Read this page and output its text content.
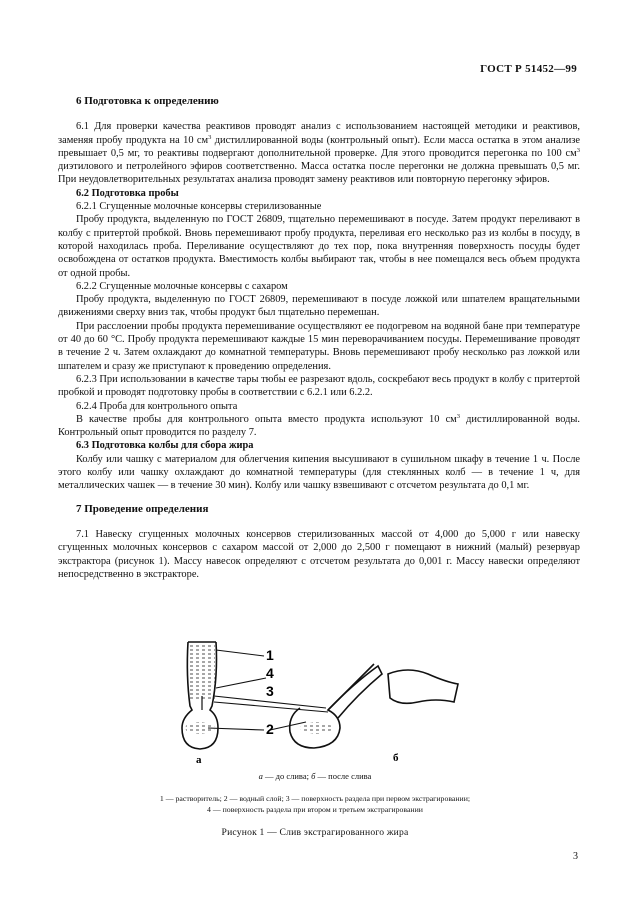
ГОСТ Р 51452—99
6 Подготовка к определению

6.1 Для проверки качества реактивов проводят анализ с использованием настоящей методики и реактивов, заменяя пробу продукта на 10 $см^3$ дистиллированной воды (контрольный опыт). Если масса остатка в этом анализе превышает 0,5 мг, то реактивы подвергают дополнительной проверке. Для этого проводится перегонка по 100 $см^3$ диэтилового и петролейного эфиров соответственно. Масса остатка после перегонки не должна превышать 0,5 мг. При неудовлетворительных результатах анализа проводят замену реактивов или повторную перегонку эфиров.

6.2 Подготовка пробы
6.2.1 Сгущенные молочные консервы стерилизованные

Пробу продукта, выделенную по ГОСТ 26809, тщательно перемешивают в посуде. Затем продукт переливают в колбу с притертой пробкой. Вновь перемешивают пробу продукта, переливая его несколько раз из колбы в посуду, в которой находилась проба. Переливание осуществляют до тех пор, пока внутренняя поверхность посуды будет освобождена от остатков продукта. Вместимость колбы выбирают так, чтобы в нее помещался весь объем продукта от одной пробы.

6.2.2 Сгущенные молочные консервы с сахаром

Пробу продукта, выделенную по ГОСТ 26809, перемешивают в посуде ложкой или шпателем вращательными движениями сверху вниз так, чтобы продукт был тщательно перемешан.

При расслоении пробы продукта перемешивание осуществляют ее подогревом на водяной бане при температуре от 40 до 60 °С. Пробу продукта перемешивают каждые 15 мин переворачиванием посуды. Перемешивание проводят в течение 2 ч. Затем охлаждают до комнатной температуры. Вновь перемешивают пробу несколько раз ложкой или шпателем и сразу же приступают к проведению определения.

6.2.3 При использовании в качестве тары тюбы ее разрезают вдоль, соскребают весь продукт в колбу с притертой пробкой и проводят подготовку пробы в соответствии с 6.2.1 или 6.2.2.

6.2.4 Проба для контрольного опыта

В качестве пробы для контрольного опыта вместо продукта используют 10 $см^3$ дистиллированной воды. Контрольный опыт проводится по разделу 7.

6.3 Подготовка колбы для сбора жира

Колбу или чашку с материалом для облегчения кипения высушивают в сушильном шкафу в течение 1 ч. После этого колбу или чашку охлаждают до комнатной температуры (для стеклянных колб — в течение 1 ч, для металлических чашек — в течение 30 мин). Колбу или чашку взвешивают с отсчетом результата до 0,1 мг.

7 Проведение определения

7.1 Навеску сгущенных молочных консервов стерилизованных массой от 4,000 до 5,000 г или навеску сгущенных молочных консервов с сахаром массой от 2,000 до 2,500 г помещают в нижний (малый) резервуар экстрактора (рисунок 1). Массу навесок определяют с отсчетом результата до 0,001 г. Массу навески определяют непосредственно в экстракторе.

1
4
3
2
а	б
а — до слива; б — после слива
1 — растворитель; 2 — водный слой; 3 — поверхность раздела при первом экстрагировании;
4 — поверхность раздела при втором и третьем экстрагировании
Рисунок 1 — Слив экстрагированного жира
3
